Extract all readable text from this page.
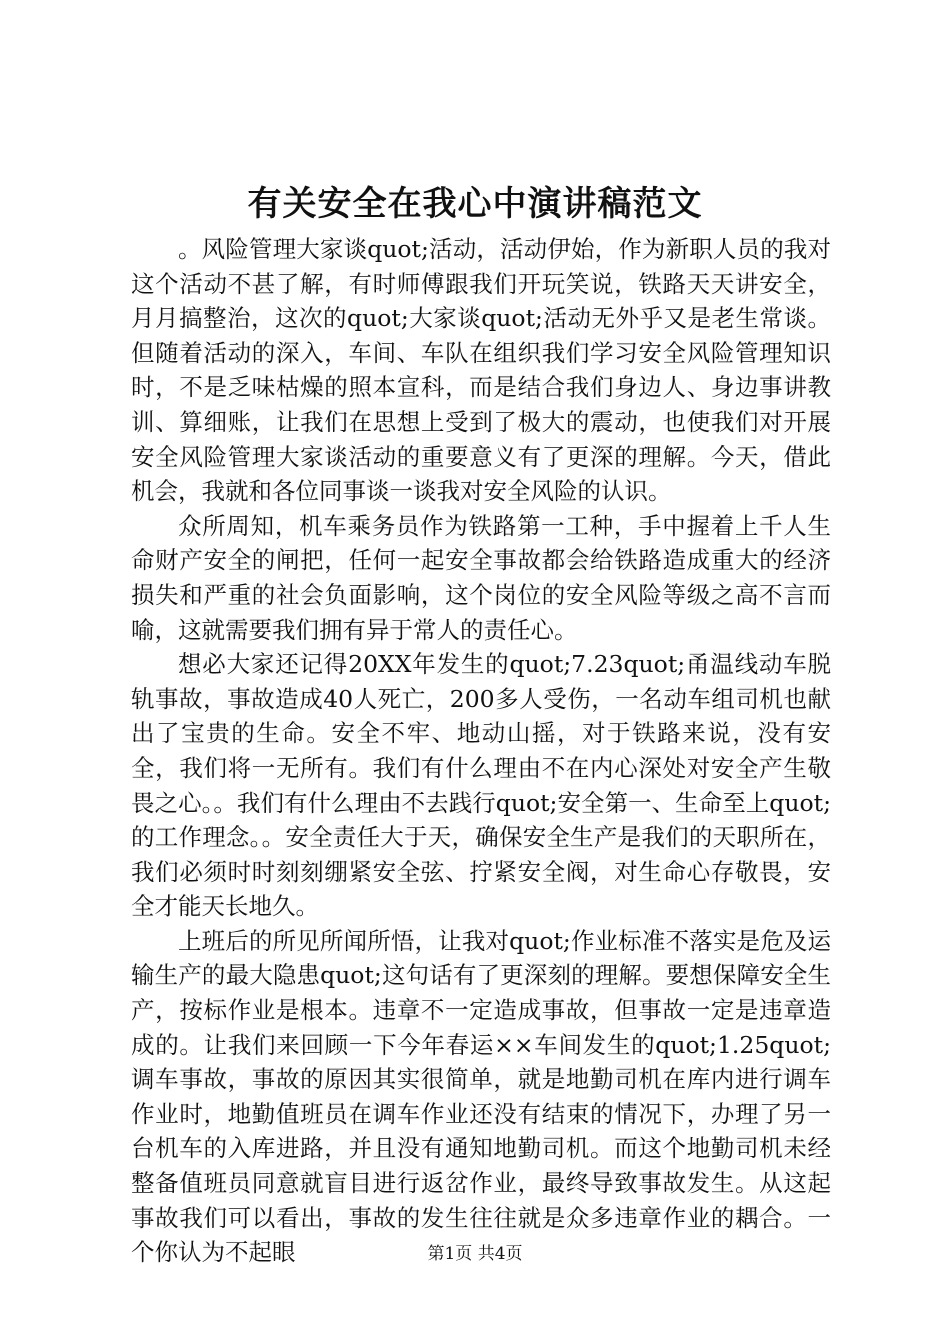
有关安全在我心中演讲稿范文

。风险管理大家谈quot;活动，活动伊始，作为新职人员的我对这个活动不甚了解，有时师傅跟我们开玩笑说，铁路天天讲安全，月月搞整治，这次的quot;大家谈quot;活动无外乎又是老生常谈。但随着活动的深入，车间、车队在组织我们学习安全风险管理知识时，不是乏味枯燥的照本宣科，而是结合我们身边人、身边事讲教训、算细账，让我们在思想上受到了极大的震动，也使我们对开展安全风险管理大家谈活动的重要意义有了更深的理解。今天，借此机会，我就和各位同事谈一谈我对安全风险的认识。

众所周知，机车乘务员作为铁路第一工种，手中握着上千人生命财产安全的闸把，任何一起安全事故都会给铁路造成重大的经济损失和严重的社会负面影响，这个岗位的安全风险等级之高不言而喻，这就需要我们拥有异于常人的责任心。

想必大家还记得20XX年发生的quot;7.23quot;甬温线动车脱轨事故，事故造成40人死亡，200多人受伤，一名动车组司机也献出了宝贵的生命。安全不牢、地动山摇，对于铁路来说，没有安全，我们将一无所有。我们有什么理由不在内心深处对安全产生敬畏之心。。我们有什么理由不去践行quot;安全第一、生命至上quot;的工作理念。。安全责任大于天，确保安全生产是我们的天职所在，我们必须时时刻刻绷紧安全弦、拧紧安全阀，对生命心存敬畏，安全才能天长地久。

上班后的所见所闻所悟，让我对quot;作业标准不落实是危及运输生产的最大隐患quot;这句话有了更深刻的理解。要想保障安全生产，按标作业是根本。违章不一定造成事故，但事故一定是违章造成的。让我们来回顾一下今年春运××车间发生的quot;1.25quot;调车事故，事故的原因其实很简单，就是地勤司机在库内进行调车作业时，地勤值班员在调车作业还没有结束的情况下，办理了另一台机车的入库进路，并且没有通知地勤司机。而这个地勤司机未经整备值班员同意就盲目进行返岔作业，最终导致事故发生。从这起事故我们可以看出，事故的发生往往就是众多违章作业的耦合。一个你认为不起眼	第1页 共4页
